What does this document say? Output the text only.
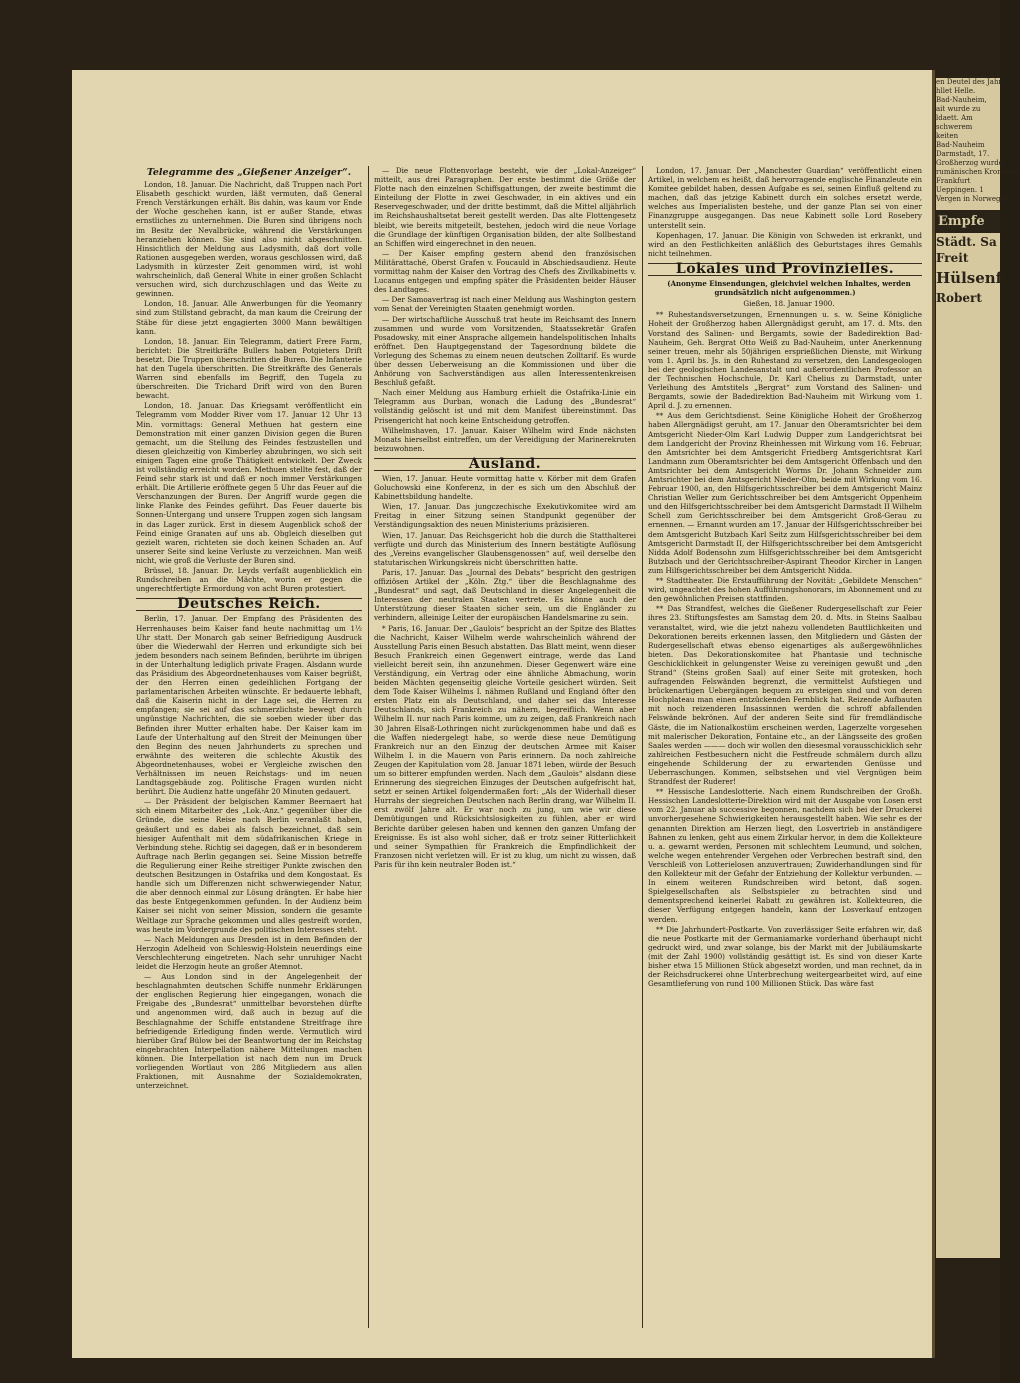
Telegramme des „Gießener Anzeiger“.

London, 18. Januar. Die Nachricht, daß Truppen nach Port Elisabeth geschickt wurden, läßt vermuten, daß General French Verstärkungen erhält. Bis dahin, was kaum vor Ende der Woche geschehen kann, ist er außer Stande, etwas ernstliches zu unternehmen. Die Buren sind übrigens noch im Besitz der Nevalbrücke, während die Verstärkungen heranziehen können. Sie sind also nicht abgeschnitten. Hinsichtlich der Meldung aus Ladysmith, daß dort volle Rationen ausgegeben werden, woraus geschlossen wird, daß Ladysmith in kürzester Zeit genommen wird, ist wohl wahrscheinlich, daß General White in einer großen Schlacht versuchen wird, sich durchzuschlagen und das Weite zu gewinnen.

London, 18. Januar. Alle Anwerbungen für die Yeomanry sind zum Stillstand gebracht, da man kaum die Creirung der Stäbe für diese jetzt engagierten 3000 Mann bewältigen kann.

London, 18. Januar. Ein Telegramm, datiert Frere Farm, berichtet: Die Streitkräfte Bullers haben Potgieters Drift besetzt. Die Truppen überschritten die Buren. Die Infanterie hat den Tugela überschritten. Die Streitkräfte des Generals Warren sind ebenfalls im Begriff, den Tugela zu überschreiten. Die Trichard Drift wird von den Buren bewacht.

London, 18. Januar. Das Kriegsamt veröffentlicht ein Telegramm vom Modder River vom 17. Januar 12 Uhr 13 Min. vormittags: General Methuen hat gestern eine Demonstration mit einer ganzen Division gegen die Buren gemacht, um die Stellung des Feindes festzustellen und diesen gleichzeitig von Kimberley abzubringen, wo sich seit einigen Tagen eine große Thätigkeit entwickelt. Der Zweck ist vollständig erreicht worden. Methuen stellte fest, daß der Feind sehr stark ist und daß er noch immer Verstärkungen erhält. Die Artillerie eröffnete gegen 5 Uhr das Feuer auf die Verschanzungen der Buren. Der Angriff wurde gegen die linke Flanke des Feindes geführt. Das Feuer dauerte bis Sonnen-Untergang und unsere Truppen zogen sich langsam in das Lager zurück. Erst in diesem Augenblick schoß der Feind einige Granaten auf uns ab. Obgleich dieselben gut gezielt waren, richteten sie doch keinen Schaden an. Auf unserer Seite sind keine Verluste zu verzeichnen. Man weiß nicht, wie groß die Verluste der Buren sind.

Brüssel, 18. Januar. Dr. Leyds verfaßt augenblicklich ein Rundschreiben an die Mächte, worin er gegen die ungerechtfertigte Ermordung von acht Buren protestiert.

Deutsches Reich.

Berlin, 17. Januar. Der Empfang des Präsidenten des Herrenhauses beim Kaiser fand heute nachmittag um 1½ Uhr statt. Der Monarch gab seiner Befriedigung Ausdruck über die Wiederwahl der Herren und erkundigte sich bei jedem besonders nach seinem Befinden, berührte im übrigen in der Unterhaltung lediglich private Fragen. Alsdann wurde das Präsidium des Abgeordnetenhauses vom Kaiser begrüßt, der den Herren einen gedeihlichen Fortgang der parlamentarischen Arbeiten wünschte. Er bedauerte lebhaft, daß die Kaiserin nicht in der Lage sei, die Herren zu empfangen; sie sei auf das schmerzlichste bewegt durch ungünstige Nachrichten, die sie soeben wieder über das Befinden ihrer Mutter erhalten habe. Der Kaiser kam im Laufe der Unterhaltung auf den Streit der Meinungen über den Beginn des neuen Jahrhunderts zu sprechen und erwähnte des weiteren die schlechte Akustik des Abgeordnetenhauses, wobei er Vergleiche zwischen den Verhältnissen im neuen Reichstags- und im neuen Landtagsgebäude zog. Politische Fragen wurden nicht berührt. Die Audienz hatte ungefähr 20 Minuten gedauert.

— Der Präsident der belgischen Kammer Beernaert hat sich einem Mitarbeiter des „Lok.-Anz.“ gegenüber über die Gründe, die seine Reise nach Berlin veranlaßt haben, geäußert und es dabei als falsch bezeichnet, daß sein hiesiger Aufenthalt mit dem südafrikanischen Kriege in Verbindung stehe. Richtig sei dagegen, daß er in besonderem Auftrage nach Berlin gegangen sei. Seine Mission betreffe die Regulierung einer Reihe streitiger Punkte zwischen den deutschen Besitzungen in Ostafrika und dem Kongostaat. Es handle sich um Differenzen nicht schwerwiegender Natur, die aber dennoch einmal zur Lösung drängten. Er habe hier das beste Entgegenkommen gefunden. In der Audienz beim Kaiser sei nicht von seiner Mission, sondern die gesamte Weltlage zur Sprache gekommen und alles gestreift worden, was heute im Vordergrunde des politischen Interesses steht.

— Nach Meldungen aus Dresden ist in dem Befinden der Herzogin Adelheid von Schleswig-Holstein neuerdings eine Verschlechterung eingetreten. Nach sehr unruhiger Nacht leidet die Herzogin heute an großer Atemnot.

— Aus London sind in der Angelegenheit der beschlagnahmten deutschen Schiffe nunmehr Erklärungen der englischen Regierung hier eingegangen, wonach die Freigabe des „Bundesrat“ unmittelbar bevorstehen dürfte und angenommen wird, daß auch in bezug auf die Beschlagnahme der Schiffe entstandene Streitfrage ihre befriedigende Erledigung finden werde. Vermutlich wird hierüber Graf Bülow bei der Beantwortung der im Reichstag eingebrachten Interpellation nähere Mitteilungen machen können. Die Interpellation ist nach dem nun im Druck vorliegenden Wortlaut von 286 Mitgliedern aus allen Fraktionen, mit Ausnahme der Sozialdemokraten, unterzeichnet.

— Die neue Flottenvorlage besteht, wie der „Lokal-Anzeiger“ mitteilt, aus drei Paragraphen. Der erste bestimmt die Größe der Flotte nach den einzelnen Schiffsgattungen, der zweite bestimmt die Einteilung der Flotte in zwei Geschwader, in ein aktives und ein Reservegeschwader, und der dritte bestimmt, daß die Mittel alljährlich im Reichshaushaltsetat bereit gestellt werden. Das alte Flottengesetz bleibt, wie bereits mitgeteilt, bestehen, jedoch wird die neue Vorlage die Grundlage der künftigen Organisation bilden, der alte Sollbestand an Schiffen wird eingerechnet in den neuen.

— Der Kaiser empfing gestern abend den französischen Militärattaché, Oberst Grafen v. Foucauld in Abschiedsaudienz. Heute vormittag nahm der Kaiser den Vortrag des Chefs des Zivilkabinetts v. Lucanus entgegen und empfing später die Präsidenten beider Häuser des Landtages.

— Der Samoavertrag ist nach einer Meldung aus Washington gestern vom Senat der Vereinigten Staaten genehmigt worden.

— Der wirtschaftliche Ausschuß trat heute im Reichsamt des Innern zusammen und wurde vom Vorsitzenden, Staatssekretär Grafen Posadowsky, mit einer Ansprache allgemein handelspolitischen Inhalts eröffnet. Den Hauptgegenstand der Tagesordnung bildete die Vorlegung des Schemas zu einem neuen deutschen Zolltarif. Es wurde über dessen Ueberweisung an die Kommissionen und über die Anhörung von Sachverständigen aus allen Interessentenkreisen Beschluß gefaßt.

Nach einer Meldung aus Hamburg erhielt die Ostafrika-Linie ein Telegramm aus Durban, wonach die Ladung des „Bundesrat“ vollständig gelöscht ist und mit dem Manifest übereinstimmt. Das Prisengericht hat noch keine Entscheidung getroffen.

Wilhelmshaven, 17. Januar. Kaiser Wilhelm wird Ende nächsten Monats hierselbst eintreffen, um der Vereidigung der Marinerekruten beizuwohnen.

Ausland.

Wien, 17. Januar. Heute vormittag hatte v. Körber mit dem Grafen Goluchowski eine Konferenz, in der es sich um den Abschluß der Kabinettsbildung handelte.

Wien, 17. Januar. Das jungczechische Exekutivkomitee wird am Freitag in einer Sitzung seinen Standpunkt gegenüber der Verständigungsaktion des neuen Ministeriums präzisieren.

Wien, 17. Januar. Das Reichsgericht hob die durch die Statthalterei verfügte und durch das Ministerium des Innern bestätigte Auflösung des „Vereins evangelischer Glaubensgenossen“ auf, weil derselbe den statutarischen Wirkungskreis nicht überschritten hatte.

Paris, 17. Januar. Das „Journal des Debats“ bespricht den gestrigen offiziösen Artikel der „Köln. Ztg.“ über die Beschlagnahme des „Bundesrat“ und sagt, daß Deutschland in dieser Angelegenheit die Interessen der neutralen Staaten vertrete. Es könne auch der Unterstützung dieser Staaten sicher sein, um die Engländer zu verhindern, alleinige Leiter der europäischen Handelsmarine zu sein.

* Paris, 16. Januar. Der „Gaulois“ bespricht an der Spitze des Blattes die Nachricht, Kaiser Wilhelm werde wahrscheinlich während der Ausstellung Paris einen Besuch abstatten. Das Blatt meint, wenn dieser Besuch Frankreich einen Gegenwert eintrage, werde das Land vielleicht bereit sein, ihn anzunehmen. Dieser Gegenwert wäre eine Verständigung, ein Vertrag oder eine ähnliche Abmachung, worin beiden Mächten gegenseitig gleiche Vorteile gesichert würden. Seit dem Tode Kaiser Wilhelms I. nähmen Rußland und England öfter den ersten Platz ein als Deutschland, und daher sei das Interesse Deutschlands, sich Frankreich zu nähern, begreiflich. Wenn aber Wilhelm II. nur nach Paris komme, um zu zeigen, daß Frankreich nach 30 Jahren Elsaß-Lothringen nicht zurückgenommen habe und daß es die Waffen niedergelegt habe, so werde diese neue Demütigung Frankreich nur an den Einzug der deutschen Armee mit Kaiser Wilhelm I. in die Mauern von Paris erinnern. Da noch zahlreiche Zeugen der Kapitulation vom 28. Januar 1871 leben, würde der Besuch um so bitterer empfunden werden. Nach dem „Gaulois“ alsdann diese Erinnerung des siegreichen Einzuges der Deutschen aufgefrischt hat, setzt er seinen Artikel folgendermaßen fort: „Als der Widerhall dieser Hurrahs der siegreichen Deutschen nach Berlin drang, war Wilhelm II. erst zwölf Jahre alt. Er war noch zu jung, um wie wir diese Demütigungen und Rücksichtslosigkeiten zu fühlen, aber er wird Berichte darüber gelesen haben und kennen den ganzen Umfang der Ereignisse. Es ist also wohl sicher, daß er trotz seiner Ritterlichkeit und seiner Sympathien für Frankreich die Empfindlichkeit der Franzosen nicht verletzen will. Er ist zu klug, um nicht zu wissen, daß Paris für ihn kein neutraler Boden ist.“

London, 17. Januar. Der „Manchester Guardian“ veröffentlicht einen Artikel, in welchem es heißt, daß hervorragende englische Finanzleute ein Komitee gebildet haben, dessen Aufgabe es sei, seinen Einfluß geltend zu machen, daß das jetzige Kabinett durch ein solches ersetzt werde, welches aus Imperialisten bestehe, und der ganze Plan sei von einer Finanzgruppe ausgegangen. Das neue Kabinett solle Lord Rosebery unterstellt sein.

Kopenhagen, 17. Januar. Die Königin von Schweden ist erkrankt, und wird an den Festlichkeiten anläßlich des Geburtstages ihres Gemahls nicht teilnehmen.

Lokales und Provinzielles.

(Anonyme Einsendungen, gleichviel welchen Inhaltes, werden grundsätzlich nicht aufgenommen.)

Gießen, 18. Januar 1900.

** Ruhestandsversetzungen, Ernennungen u. s. w. Seine Königliche Hoheit der Großherzog haben Allergnädigst geruht, am 17. d. Mts. den Vorstand des Salinen- und Bergamts, sowie der Badedirektion Bad-Nauheim, Geh. Bergrat Otto Weiß zu Bad-Nauheim, unter Anerkennung seiner treuen, mehr als 50jährigen ersprießlichen Dienste, mit Wirkung vom 1. April bs. Js. in den Ruhestand zu versetzen, den Landesgeologen bei der geologischen Landesanstalt und außerordentlichen Professor an der Technischen Hochschule, Dr. Karl Chelius zu Darmstadt, unter Verleihung des Amtstitels „Bergrat“ zum Vorstand des Salinen- und Bergamts, sowie der Badedirektion Bad-Nauheim mit Wirkung vom 1. April d. J. zu ernennen.

** Aus dem Gerichtsdienst. Seine Königliche Hoheit der Großherzog haben Allergnädigst geruht, am 17. Januar den Oberamtsrichter bei dem Amtsgericht Nieder-Olm Karl Ludwig Dupper zum Landgerichtsrat bei dem Landgericht der Provinz Rheinhessen mit Wirkung vom 16. Februar, den Amtsrichter bei dem Amtsgericht Friedberg Amtsgerichtsrat Karl Landmann zum Oberamtsrichter bei dem Amtsgericht Offenbach und den Amtsrichter bei dem Amtsgericht Worms Dr. Johann Schneider zum Amtsrichter bei dem Amtsgericht Nieder-Olm, beide mit Wirkung vom 16. Februar 1900, an, den Hilfsgerichtsschreiber bei dem Amtsgericht Mainz Christian Weller zum Gerichtsschreiber bei dem Amtsgericht Oppenheim und den Hilfsgerichtsschreiber bei dem Amtsgericht Darmstadt II Wilhelm Schell zum Gerichtsschreiber bei dem Amtsgericht Groß-Gerau zu ernennen. — Ernannt wurden am 17. Januar der Hilfsgerichtsschreiber bei dem Amtsgericht Butzbach Karl Seitz zum Hilfsgerichtsschreiber bei dem Amtsgericht Darmstadt II, der Hilfsgerichtsschreiber bei dem Amtsgericht Nidda Adolf Bodensohn zum Hilfsgerichtsschreiber bei dem Amtsgericht Butzbach und der Gerichtsschreiber-Aspirant Theodor Kircher in Langen zum Hilfsgerichtsschreiber bei dem Amtsgericht Nidda.

** Stadttheater. Die Erstaufführung der Novität: „Gebildete Menschen“ wird, ungeachtet des hohen Aufführungshonorars, im Abonnement und zu den gewöhnlichen Preisen stattfinden.

** Das Strandfest, welches die Gießener Rudergesellschaft zur Feier ihres 23. Stiftungsfestes am Samstag dem 20. d. Mts. in Steins Saalbau veranstaltet, wird, wie die jetzt nahezu vollendeten Bauttlichkeiten und Dekorationen bereits erkennen lassen, den Mitgliedern und Gästen der Rudergesellschaft etwas ebenso eigenartiges als außergewöhnliches bieten. Das Dekorationskomitee hat Phantasie und technische Geschicklichkeit in gelungenster Weise zu vereinigen gewußt und „den Strand“ (Steins großen Saal) auf einer Seite mit grotesken, hoch aufragenden Felswänden begrenzt, die vermittelst Aufstiegen und brückenartigen Uebergängen bequem zu ersteigen sind und von deren Hochplateau man einen entzückenden Fernblick hat. Reizende Aufbauten mit noch reizenderen Insassinnen werden die schroff abfallenden Felswände bekrönen. Auf der anderen Seite sind für fremdländische Gäste, die im Nationalkostüm erscheinen werden, Lagerzelte vorgesehen mit malerischer Dekoration, Fontaine etc., an der Längsseite des großen Saales werden ——— doch wir wollen den diesesmal vorausschicklich sehr zahlreichen Festbesuchern nicht die Festfreude schmälern durch allzu eingehende Schilderung der zu erwartenden Genüsse und Ueberraschungen. Kommen, selbstsehen und viel Vergnügen beim Strandfest der Ruderer!

** Hessische Landeslotterie. Nach einem Rundschreiben der Großh. Hessischen Landeslotterie-Direktion wird mit der Ausgabe von Losen erst vom 22. Januar ab successive begonnen, nachdem sich bei der Druckerei unvorhergesehene Schwierigkeiten herausgestellt haben. Wie sehr es der genannten Direktion am Herzen liegt, den Losvertrieb in anständigere Bahnen zu lenken, geht aus einem Zirkular hervor, in dem die Kollekteure u. a. gewarnt werden, Personen mit schlechtem Leumund, und solchen, welche wegen entehrender Vergehen oder Verbrechen bestraft sind, den Verschleiß von Lotterielosen anzuvertrauen; Zuwiderhandlungen sind für den Kollekteur mit der Gefahr der Entziehung der Kollektur verbunden. — In einem weiteren Rundschreiben wird betont, daß sogen. Spielgesellschaften als Selbstspieler zu betrachten sind und dementsprechend keinerlei Rabatt zu gewähren ist. Kollekteuren, die dieser Verfügung entgegen handeln, kann der Losverkauf entzogen werden.

** Die Jahrhundert-Postkarte. Von zuverlässiger Seite erfahren wir, daß die neue Postkarte mit der Germaniamarke vorderhand überhaupt nicht gedruckt wird, und zwar solange, bis der Markt mit der Jubiläumskarte (mit der Zahl 1900) vollständig gesättigt ist. Es sind von dieser Karte bisher etwa 15 Millionen Stück abgesetzt worden, und man rechnet, da in der Reichsdruckerei ohne Unterbrechung weitergearbeitet wird, auf eine Gesamtlieferung von rund 100 Millionen Stück. Das wäre fast

en Deutel des Jahr

hllet Helle.

Bad-Nauheim,

ait wurde zu

ldaett. Am

schwerem

keiten

Bad-Nauheim

Darmstadt, 17.

Großherzog wurde

rumänischen Kronprinz

Frankfurt

Ueppingen. 1

Vergen in Norwegen

Empfe
Städt. Sa
Freit
Hülsenf
Robert
